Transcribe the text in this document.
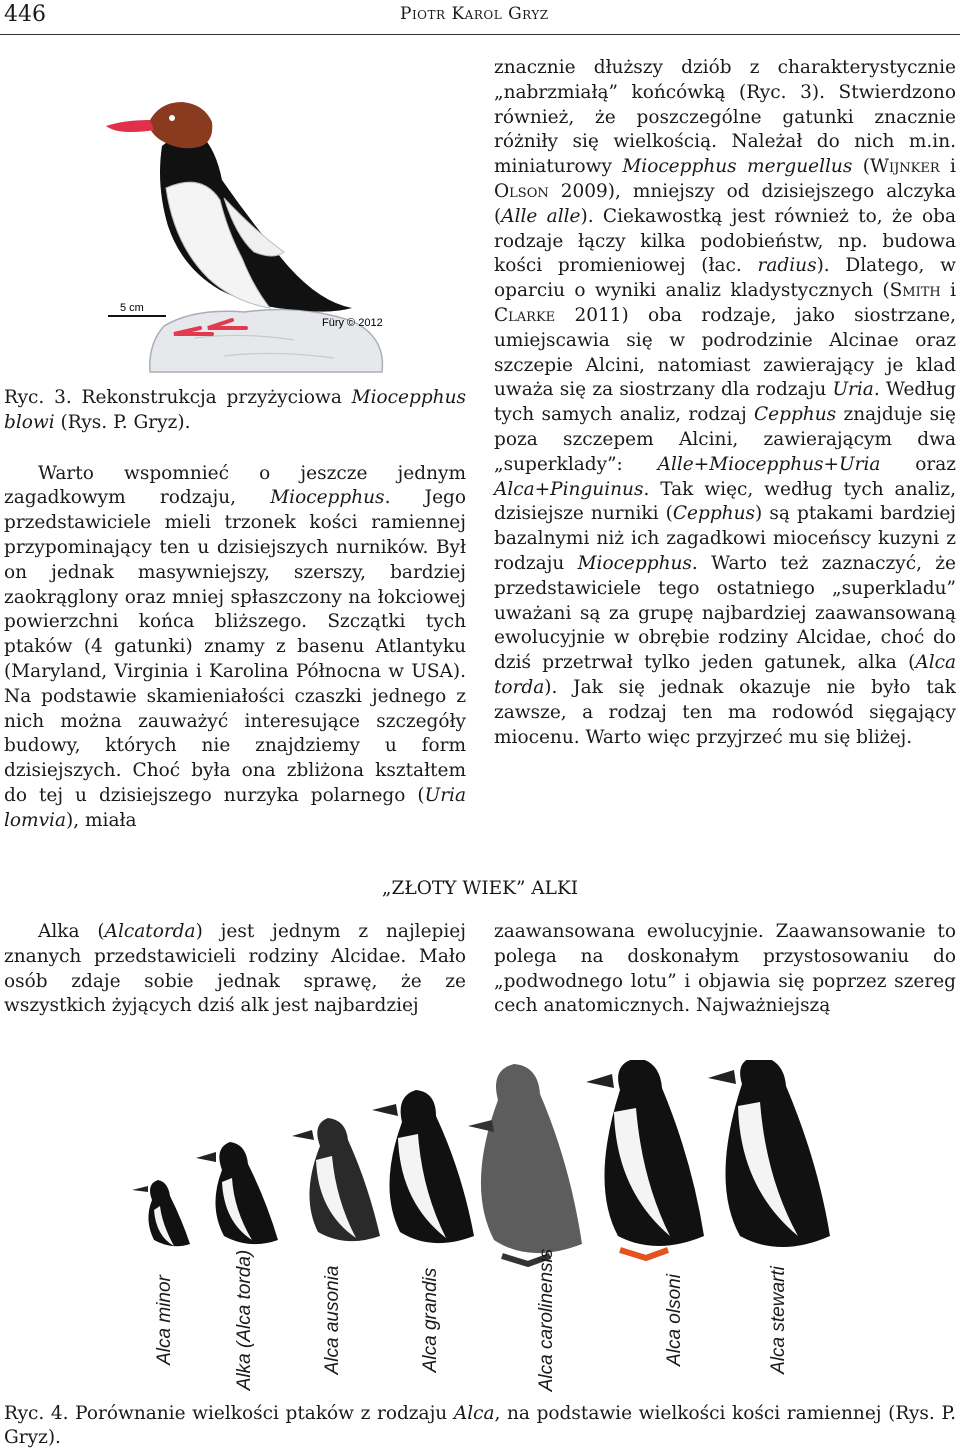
446	Piotr Karol Gryz
5 cm
Füry © 2012

Ryc. 3. Rekonstrukcja przyżyciowa Miocepphus blowi (Rys. P. Gryz).

Warto wspomnieć o jeszcze jednym zagadkowym rodzaju, Miocepphus. Jego przedstawiciele mieli trzonek kości ramiennej przypominający ten u dzisiejszych nurników. Był on jednak masywniejszy, szerszy, bardziej zaokrąglony oraz mniej spłaszczony na łokciowej powierzchni końca bliższego. Szczątki tych ptaków (4 gatunki) znamy z basenu Atlantyku (Maryland, Virginia i Karolina Północna w USA). Na podstawie skamieniałości czaszki jednego z nich można zauważyć interesujące szczegóły budowy, których nie znajdziemy u form dzisiejszych. Choć była ona zbliżona kształtem do tej u dzisiejszego nurzyka polarnego (Uria lomvia), miała

znacznie dłuższy dziób z charakterystycznie „nabrzmiałą” końcówką (Ryc. 3). Stwierdzono również, że poszczególne gatunki znacznie różniły się wielkością. Należał do nich m.in. miniaturowy Miocepphus merguellus (Wijnker i Olson 2009), mniejszy od dzisiejszego alczyka (Alle alle). Ciekawostką jest również to, że oba rodzaje łączy kilka podobieństw, np. budowa kości promieniowej (łac. radius). Dlatego, w oparciu o wyniki analiz kladystycznych (Smith i Clarke 2011) oba rodzaje, jako siostrzane, umiejscawia się w podrodzinie Alcinae oraz szczepie Alcini, natomiast zawierający je klad uważa się za siostrzany dla rodzaju Uria. Według tych samych analiz, rodzaj Cepphus znajduje się poza szczepem Alcini, zawierającym dwa „superklady”: Alle+Miocepphus+Uria oraz Alca+Pinguinus. Tak więc, według tych analiz, dzisiejsze nurniki (Cepphus) są ptakami bardziej bazalnymi niż ich zagadkowi mioceńscy kuzyni z rodzaju Miocepphus. Warto też zaznaczyć, że przedstawiciele tego ostatniego „superkladu” uważani są za grupę najbardziej zaawansowaną ewolucyjnie w obrębie rodziny Alcidae, choć do dziś przetrwał tylko jeden gatunek, alka (Alca torda). Jak się jednak okazuje nie było tak zawsze, a rodzaj ten ma rodowód sięgający miocenu. Warto więc przyjrzeć mu się bliżej.

„ZŁOTY WIEK” ALKI

Alka (Alcatorda) jest jednym z najlepiej znanych przedstawicieli rodziny Alcidae. Mało osób zdaje sobie jednak sprawę, że ze wszystkich żyjących dziś alk jest najbardziej

zaawansowana ewolucyjnie. Zaawansowanie to polega na doskonałym przystosowaniu do „podwodnego lotu” i objawia się poprzez szereg cech anatomicznych. Najważniejszą

Alca minor	Alka (Alca torda)	Alca ausonia	Alca grandis	Alca carolinensis	Alca olsoni	Alca stewarti
Ryc. 4. Porównanie wielkości ptaków z rodzaju Alca, na podstawie wielkości kości ramiennej (Rys. P. Gryz).
